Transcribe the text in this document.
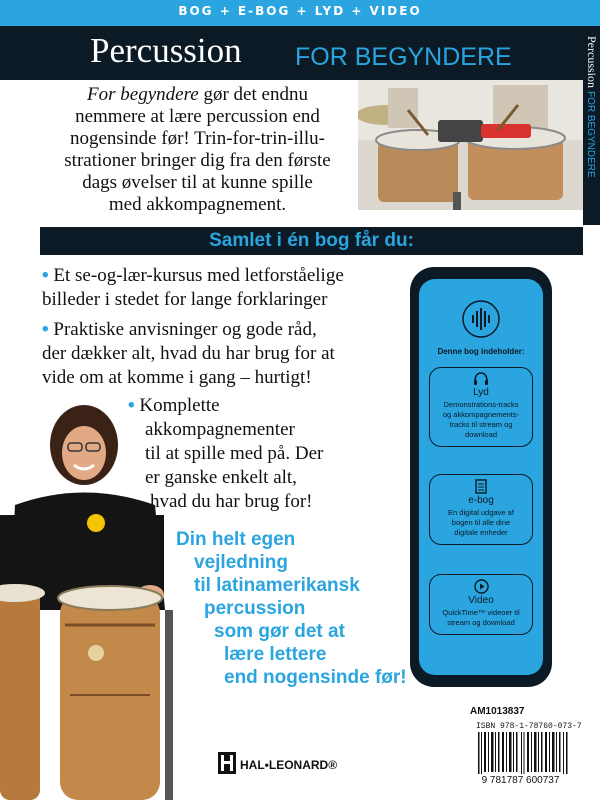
BOG + E-BOG + LYD + VIDEO
Percussion FOR BEGYNDERE	Percussion FOR BEGYNDERE
For begyndere gør det endnu
nemmere at lære percussion end
nogensinde før! Trin-for-trin-illu-
strationer bringer dig fra den første
dags øvelser til at kunne spille
med akkompagnement.
Samlet i én bog får du:
• Et se-og-lær-kursus med letforståelige
billeder i stedet for lange forklaringer
• Praktiske anvisninger og gode råd,
der dækker alt, hvad du har brug for at
vide om at komme i gang – hurtigt!
• Komplette
akkompagnementer
til at spille med på. Der
er ganske enkelt alt,
hvad du har brug for!
Din helt egen
vejledning
til latinamerikansk
percussion
som gør det at
lære lettere
end nogensinde før!
Denne bog indeholder:
Lyd
Demonstrations-tracks
og akkompagnements-
tracks til stream og
download
e-bog
En digital udgave af
bogen til alle dine
digitale enheder
Video
QuickTime™ videoer til
stream og download
AM1013837
ISBN 978-1-78760-073-7
9 781787 600737
HAL•LEONARD®
